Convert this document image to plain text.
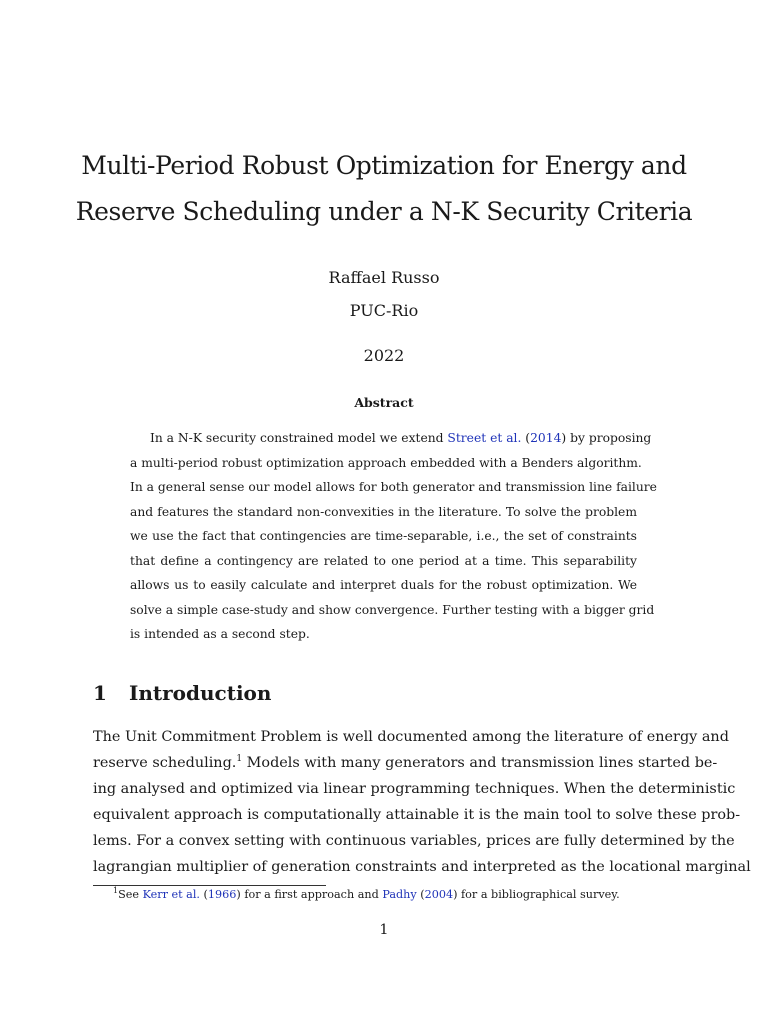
Multi-Period Robust Optimization for Energy and
Reserve Scheduling under a N-K Security Criteria
Raffael Russo
PUC-Rio
2022
Abstract
In a N-K security constrained model we extend Street et al. (2014) by proposing
a multi-period robust optimization approach embedded with a Benders algorithm.
In a general sense our model allows for both generator and transmission line failure
and features the standard non-convexities in the literature. To solve the problem
we use the fact that contingencies are time-separable, i.e., the set of constraints
that define a contingency are related to one period at a time. This separability
allows us to easily calculate and interpret duals for the robust optimization. We
solve a simple case-study and show convergence. Further testing with a bigger grid
is intended as a second step.
1 Introduction
The Unit Commitment Problem is well documented among the literature of energy and
reserve scheduling.$^1$ Models with many generators and transmission lines started be-
ing analysed and optimized via linear programming techniques. When the deterministic
equivalent approach is computationally attainable it is the main tool to solve these prob-
lems. For a convex setting with continuous variables, prices are fully determined by the
lagrangian multiplier of generation constraints and interpreted as the locational marginal
$^1$See Kerr et al. (1966) for a first approach and Padhy (2004) for a bibliographical survey.
1
